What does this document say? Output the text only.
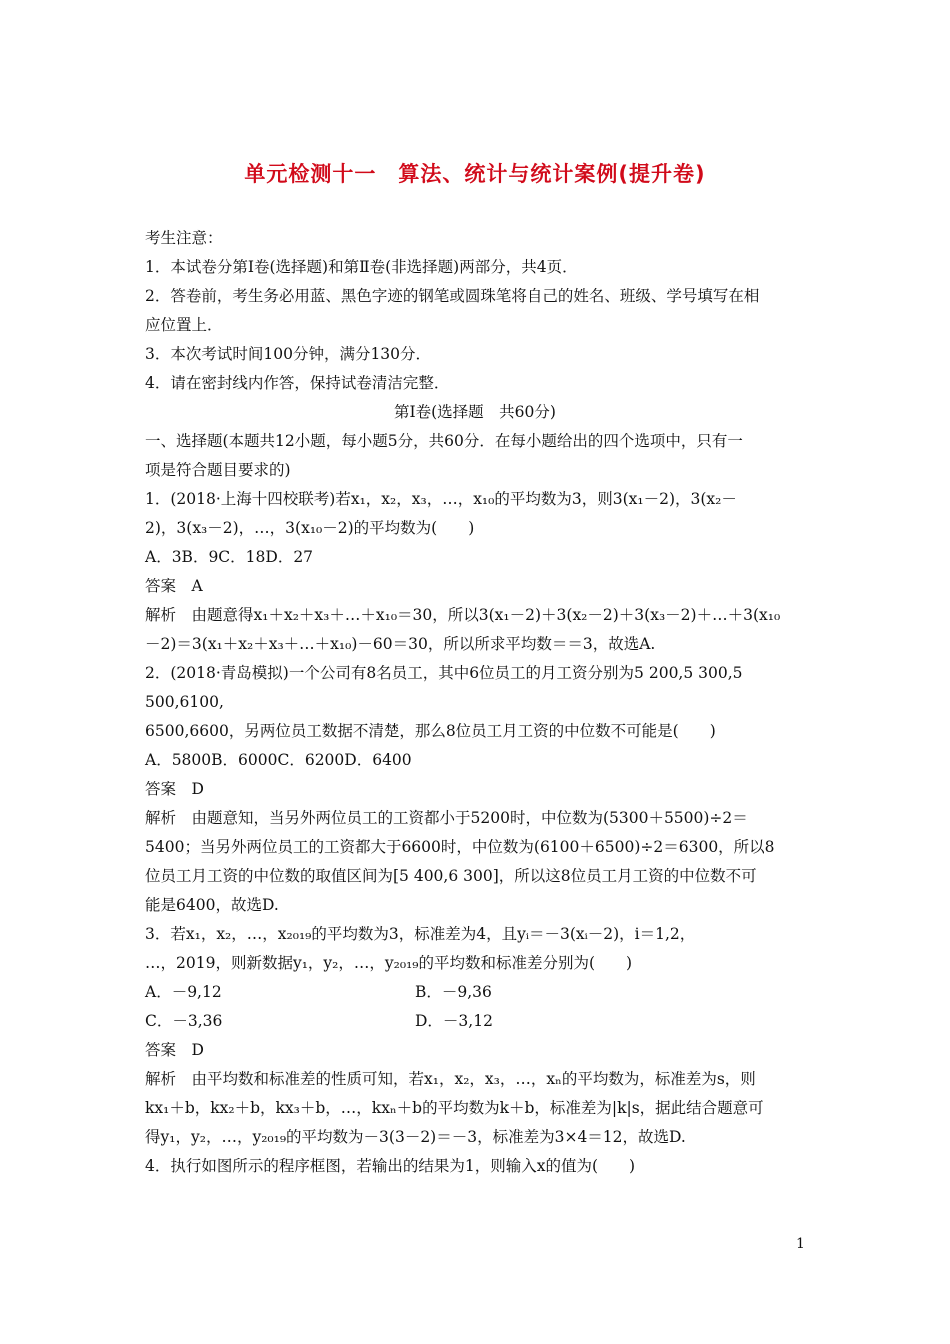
单元检测十一　算法、统计与统计案例(提升卷)
考生注意：
1．本试卷分第Ⅰ卷(选择题)和第Ⅱ卷(非选择题)两部分，共4页．
2．答卷前，考生务必用蓝、黑色字迹的钢笔或圆珠笔将自己的姓名、班级、学号填写在相
应位置上．
3．本次考试时间100分钟，满分130分．
4．请在密封线内作答，保持试卷清洁完整．
第Ⅰ卷(选择题　共60分)
一、选择题(本题共12小题，每小题5分，共60分．在每小题给出的四个选项中，只有一
项是符合题目要求的)
1．(2018·上海十四校联考)若x₁，x₂，x₃，…，x₁₀的平均数为3，则3(x₁－2)，3(x₂－
2)，3(x₃－2)，…，3(x₁₀－2)的平均数为(　　)
A．3B．9C．18D．27
答案　A
解析　由题意得x₁＋x₂＋x₃＋…＋x₁₀＝30，所以3(x₁－2)＋3(x₂－2)＋3(x₃－2)＋…＋3(x₁₀
－2)＝3(x₁＋x₂＋x₃＋…＋x₁₀)－60＝30，所以所求平均数＝＝3，故选A.
2．(2018·青岛模拟)一个公司有8名员工，其中6位员工的月工资分别为5 200,5 300,5
500,6100,
6500,6600，另两位员工数据不清楚，那么8位员工月工资的中位数不可能是(　　)
A．5800B．6000C．6200D．6400
答案　D
解析　由题意知，当另外两位员工的工资都小于5200时，中位数为(5300＋5500)÷2＝
5400；当另外两位员工的工资都大于6600时，中位数为(6100＋6500)÷2＝6300，所以8
位员工月工资的中位数的取值区间为[5 400,6 300]，所以这8位员工月工资的中位数不可
能是6400，故选D.
3．若x₁，x₂，…，x₂₀₁₉的平均数为3，标准差为4，且yᵢ＝－3(xᵢ－2)，i＝1,2，
…，2019，则新数据y₁，y₂，…，y₂₀₁₉的平均数和标准差分别为(　　)
A．－9,12	B．－9,36
C．－3,36	D．－3,12
答案　D
解析　由平均数和标准差的性质可知，若x₁，x₂，x₃，…，xₙ的平均数为，标准差为s，则
kx₁＋b，kx₂＋b，kx₃＋b，…，kxₙ＋b的平均数为k＋b，标准差为|k|s，据此结合题意可
得y₁，y₂，…，y₂₀₁₉的平均数为－3(3－2)＝－3，标准差为3×4＝12，故选D.
4．执行如图所示的程序框图，若输出的结果为1，则输入x的值为(　　)
1
